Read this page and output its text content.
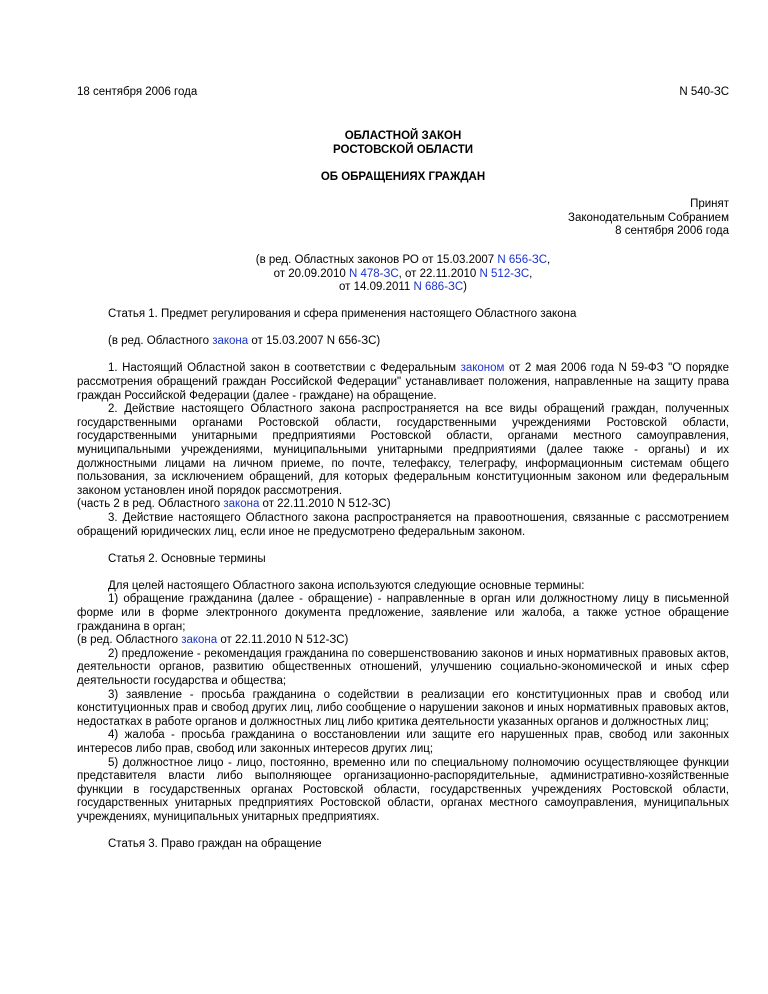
18 сентября 2006 года	N 540-ЗС
ОБЛАСТНОЙ ЗАКОН
РОСТОВСКОЙ ОБЛАСТИ
ОБ ОБРАЩЕНИЯХ ГРАЖДАН
Принят
Законодательным Собранием
8 сентября 2006 года
(в ред. Областных законов РО от 15.03.2007 N 656-ЗС,
от 20.09.2010 N 478-ЗС, от 22.11.2010 N 512-ЗС,
от 14.09.2011 N 686-ЗС)

Статья 1. Предмет регулирования и сфера применения настоящего Областного закона

(в ред. Областного закона от 15.03.2007 N 656-ЗС)

1. Настоящий Областной закон в соответствии с Федеральным законом от 2 мая 2006 года N 59-ФЗ "О порядке рассмотрения обращений граждан Российской Федерации" устанавливает положения, направленные на защиту права граждан Российской Федерации (далее - граждане) на обращение.

2. Действие настоящего Областного закона распространяется на все виды обращений граждан, полученных государственными органами Ростовской области, государственными учреждениями Ростовской области, государственными унитарными предприятиями Ростовской области, органами местного самоуправления, муниципальными учреждениями, муниципальными унитарными предприятиями (далее также - органы) и их должностными лицами на личном приеме, по почте, телефаксу, телеграфу, информационным системам общего пользования, за исключением обращений, для которых федеральным конституционным законом или федеральным законом установлен иной порядок рассмотрения.

(часть 2 в ред. Областного закона от 22.11.2010 N 512-ЗС)

3. Действие настоящего Областного закона распространяется на правоотношения, связанные с рассмотрением обращений юридических лиц, если иное не предусмотрено федеральным законом.

Статья 2. Основные термины

Для целей настоящего Областного закона используются следующие основные термины:

1) обращение гражданина (далее - обращение) - направленные в орган или должностному лицу в письменной форме или в форме электронного документа предложение, заявление или жалоба, а также устное обращение гражданина в орган;

(в ред. Областного закона от 22.11.2010 N 512-ЗС)

2) предложение - рекомендация гражданина по совершенствованию законов и иных нормативных правовых актов, деятельности органов, развитию общественных отношений, улучшению социально-экономической и иных сфер деятельности государства и общества;

3) заявление - просьба гражданина о содействии в реализации его конституционных прав и свобод или конституционных прав и свобод других лиц, либо сообщение о нарушении законов и иных нормативных правовых актов, недостатках в работе органов и должностных лиц либо критика деятельности указанных органов и должностных лиц;

4) жалоба - просьба гражданина о восстановлении или защите его нарушенных прав, свобод или законных интересов либо прав, свобод или законных интересов других лиц;

5) должностное лицо - лицо, постоянно, временно или по специальному полномочию осуществляющее функции представителя власти либо выполняющее организационно-распорядительные, административно-хозяйственные функции в государственных органах Ростовской области, государственных учреждениях Ростовской области, государственных унитарных предприятиях Ростовской области, органах местного самоуправления, муниципальных учреждениях, муниципальных унитарных предприятиях.

Статья 3. Право граждан на обращение
